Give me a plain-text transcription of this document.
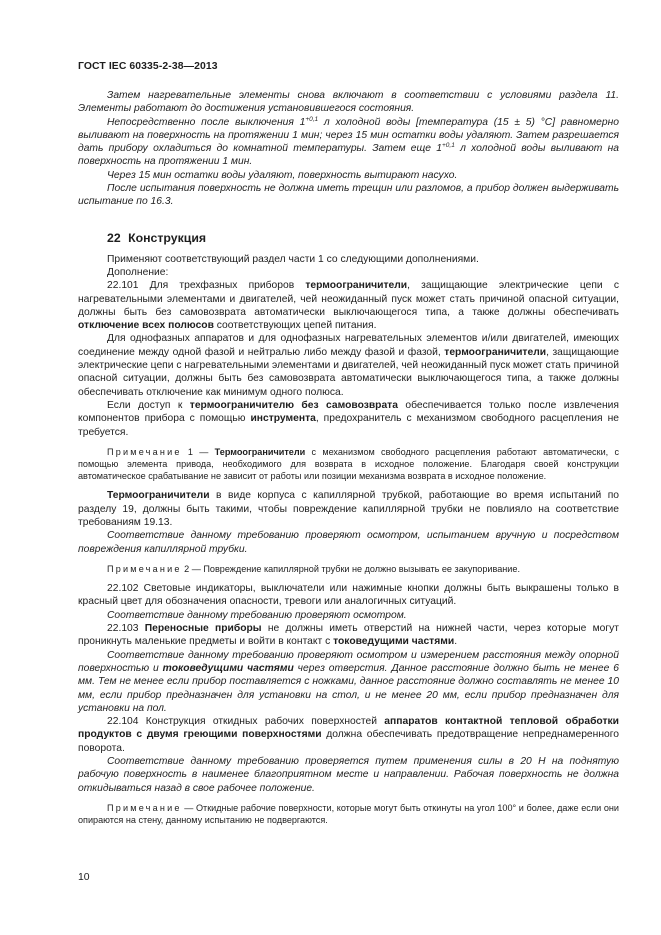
ГОСТ IEC 60335-2-38—2013

Затем нагревательные элементы снова включают в соответствии с условиями раздела 11. Элементы работают до достижения установившегося состояния.

Непосредственно после выключения $1^{+0,1}$ л холодной воды [температура (15 ± 5) °С] равномерно выливают на поверхность на протяжении 1 мин; через 15 мин остатки воды удаляют. Затем разрешается дать прибору охладиться до комнатной температуры. Затем еще $1^{+0,1}$ л холодной воды выливают на поверхность на протяжении 1 мин.

Через 15 мин остатки воды удаляют, поверхность вытирают насухо.

После испытания поверхность не должна иметь трещин или разломов, а прибор должен выдерживать испытание по 16.3.

22 Конструкция

Применяют соответствующий раздел части 1 со следующими дополнениями.

Дополнение:

22.101 Для трехфазных приборов термоограничители, защищающие электрические цепи с нагревательными элементами и двигателей, чей неожиданный пуск может стать причиной опасной ситуации, должны быть без самовозврата автоматически выключающегося типа, а также должны обеспечивать отключение всех полюсов соответствующих цепей питания.

Для однофазных аппаратов и для однофазных нагревательных элементов и/или двигателей, имеющих соединение между одной фазой и нейтралью либо между фазой и фазой, термоограничители, защищающие электрические цепи с нагревательными элементами и двигателей, чей неожиданный пуск может стать причиной опасной ситуации, должны быть без самовозврата автоматически выключающегося типа, а также должны обеспечивать отключение как минимум одного полюса.

Если доступ к термоограничителю без самовозврата обеспечивается только после извлечения компонентов прибора с помощью инструмента, предохранитель с механизмом свободного расцепления не требуется.

Примечание 1 — Термоограничители с механизмом свободного расцепления работают автоматически, с помощью элемента привода, необходимого для возврата в исходное положение. Благодаря своей конструкции автоматическое срабатывание не зависит от работы или позиции механизма возврата в исходное положение.

Термоограничители в виде корпуса с капиллярной трубкой, работающие во время испытаний по разделу 19, должны быть такими, чтобы повреждение капиллярной трубки не повлияло на соответствие требованиям 19.13.

Соответствие данному требованию проверяют осмотром, испытанием вручную и посредством повреждения капиллярной трубки.

Примечание 2 — Повреждение капиллярной трубки не должно вызывать ее закупоривание.

22.102 Световые индикаторы, выключатели или нажимные кнопки должны быть выкрашены только в красный цвет для обозначения опасности, тревоги или аналогичных ситуаций.

Соответствие данному требованию проверяют осмотром.

22.103 Переносные приборы не должны иметь отверстий на нижней части, через которые могут проникнуть маленькие предметы и войти в контакт с токоведущими частями.

Соответствие данному требованию проверяют осмотром и измерением расстояния между опорной поверхностью и токоведущими частями через отверстия. Данное расстояние должно быть не менее 6 мм. Тем не менее если прибор поставляется с ножками, данное расстояние должно составлять не менее 10 мм, если прибор предназначен для установки на стол, и не менее 20 мм, если прибор предназначен для установки на пол.

22.104 Конструкция откидных рабочих поверхностей аппаратов контактной тепловой обработки продуктов с двумя греющими поверхностями должна обеспечивать предотвращение непреднамеренного поворота.

Соответствие данному требованию проверяется путем применения силы в 20 Н на поднятую рабочую поверхность в наименее благоприятном месте и направлении. Рабочая поверхность не должна откидываться назад в свое рабочее положение.

Примечание — Откидные рабочие поверхности, которые могут быть откинуты на угол 100° и более, даже если они опираются на стену, данному испытанию не подвергаются.

10
